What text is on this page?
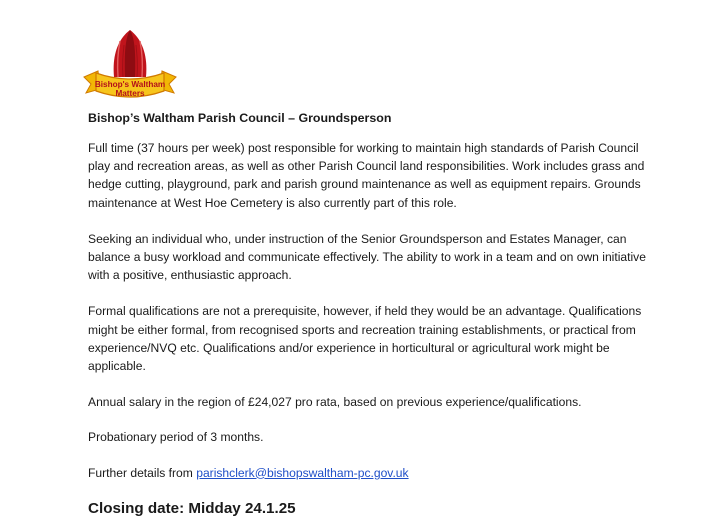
Bishop's Waltham
Matters
Bishop’s Waltham Parish Council – Groundsperson

Full time (37 hours per week) post responsible for working to maintain high standards of Parish Council play and recreation areas, as well as other Parish Council land responsibilities. Work includes grass and hedge cutting, playground, park and parish ground maintenance as well as equipment repairs. Grounds maintenance at West Hoe Cemetery is also currently part of this role.

Seeking an individual who, under instruction of the Senior Groundsperson and Estates Manager, can balance a busy workload and communicate effectively. The ability to work in a team and on own initiative with a positive, enthusiastic approach.

Formal qualifications are not a prerequisite, however, if held they would be an advantage. Qualifications might be either formal, from recognised sports and recreation training establishments, or practical from experience/NVQ etc. Qualifications and/or experience in horticultural or agricultural work might be applicable.

Annual salary in the region of £24,027 pro rata, based on previous experience/qualifications.

Probationary period of 3 months.

Further details from parishclerk@bishopswaltham-pc.gov.uk

Closing date: Midday 24.1.25
